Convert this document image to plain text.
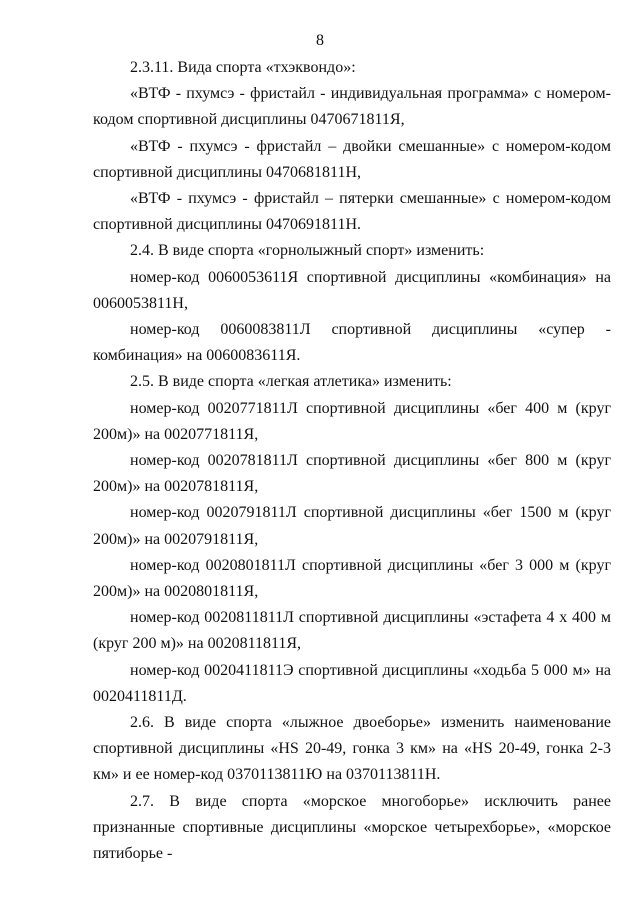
8

2.3.11. Вида спорта «тхэквондо»:

«ВТФ - пхумсэ - фристайл - индивидуальная программа» с номером-кодом спортивной дисциплины 0470671811Я,

«ВТФ - пхумсэ - фристайл – двойки смешанные» с номером-кодом спортивной дисциплины 0470681811Н,

«ВТФ - пхумсэ - фристайл – пятерки смешанные» с номером-кодом спортивной дисциплины 0470691811Н.

2.4. В виде спорта «горнолыжный спорт» изменить:

номер-код 0060053611Я спортивной дисциплины «комбинация» на 0060053811Н,

номер-код 0060083811Л спортивной дисциплины «супер - комбинация» на 0060083611Я.

2.5. В виде спорта «легкая атлетика» изменить:

номер-код 0020771811Л спортивной дисциплины «бег 400 м (круг 200м)» на 0020771811Я,

номер-код 0020781811Л спортивной дисциплины «бег 800 м (круг 200м)» на 0020781811Я,

номер-код 0020791811Л спортивной дисциплины «бег 1500 м (круг 200м)» на 0020791811Я,

номер-код 0020801811Л спортивной дисциплины «бег 3 000 м (круг 200м)» на 0020801811Я,

номер-код 0020811811Л спортивной дисциплины «эстафета 4 х 400 м (круг 200 м)» на 0020811811Я,

номер-код 0020411811Э спортивной дисциплины «ходьба 5 000 м» на 0020411811Д.

2.6. В виде спорта «лыжное двоеборье» изменить наименование спортивной дисциплины «HS 20-49, гонка 3 км» на «HS 20-49, гонка 2-3 км» и ее номер-код 0370113811Ю на 0370113811Н.

2.7. В виде спорта «морское многоборье» исключить ранее признанные спортивные дисциплины «морское четырехборье», «морское пятиборье -
